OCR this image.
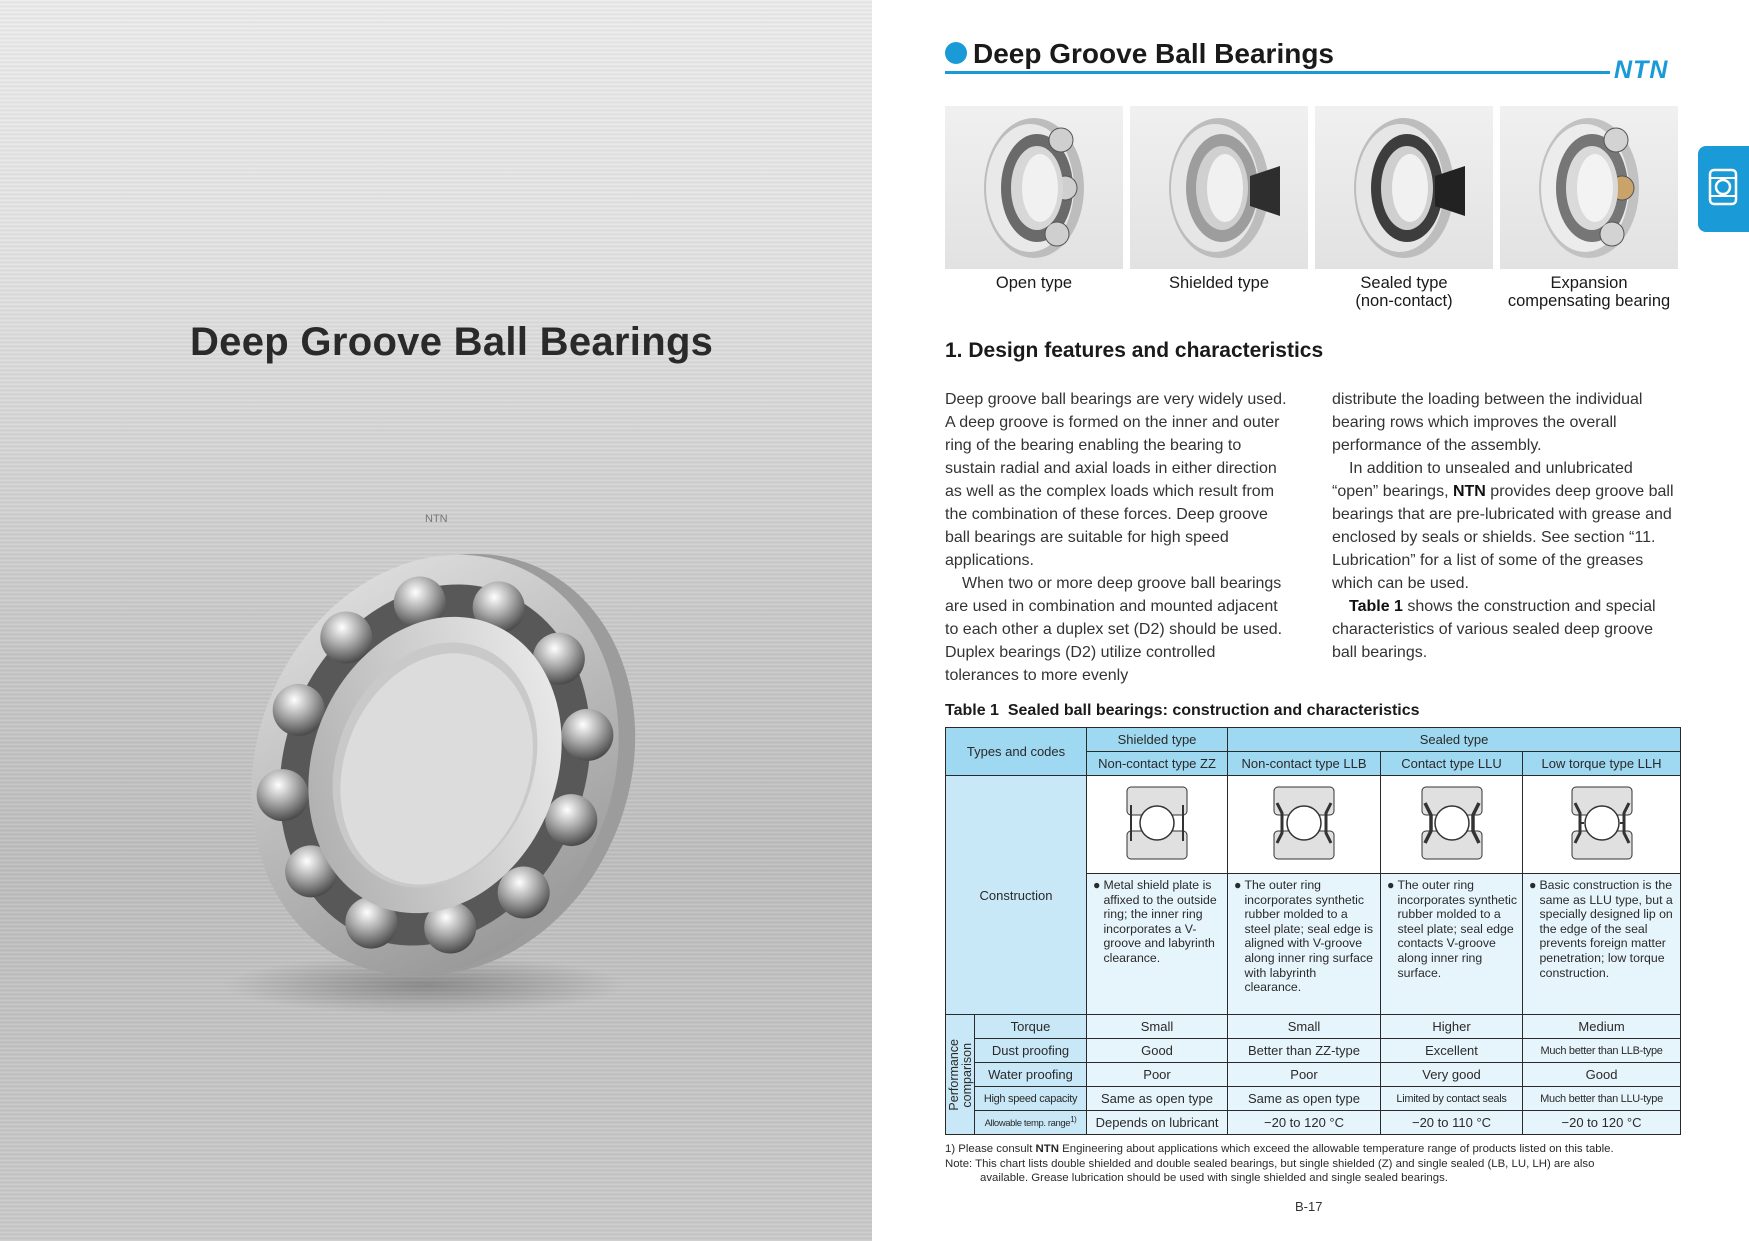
Deep Groove Ball Bearings
NTN
Deep Groove Ball Bearings
NTN
Open type	Shielded type	Sealed type
(non-contact)
Expansion
compensating bearing
1. Design features and characteristics

Deep groove ball bearings are very widely used. A deep groove is formed on the inner and outer ring of the bearing enabling the bearing to sustain radial and axial loads in either direction as well as the complex loads which result from the combination of these forces. Deep groove ball bearings are suitable for high speed applications.

When two or more deep groove ball bearings are used in combination and mounted adjacent to each other a duplex set (D2) should be used. Duplex bearings (D2) utilize controlled tolerances to more evenly

distribute the loading between the individual bearing rows which improves the overall performance of the assembly.

In addition to unsealed and unlubricated “open” bearings, NTN provides deep groove ball bearings that are pre-lubricated with grease and enclosed by seals or shields. See section “11. Lubrication” for a list of some of the greases which can be used.

Table 1 shows the construction and special characteristics of various sealed deep groove ball bearings.

Table 1 Sealed ball bearings: construction and characteristics
Types and codes		Shielded type	Sealed type		
		Non-contact type ZZ	Non-contact type LLB	Contact type LLU	Low torque type LLH
Construction				

		● Metal shield plate is affixed to the outside ring; the inner ring incorporates a V-groove and labyrinth clearance.	● The outer ring incorporates synthetic rubber molded to a steel plate; seal edge is aligned with V-groove along inner ring surface with labyrinth clearance.	● The outer ring incorporates synthetic rubber molded to a steel plate; seal edge contacts V-groove along inner ring surface.	● Basic construction is the same as LLU type, but a specially designed lip on the edge of the seal prevents foreign matter penetration; low torque construction.

Performance
comparison	Torque	Small	Small	Higher	Medium
	Dust proofing	Good	Better than ZZ-type	Excellent	Much better than LLB-type
	Water proofing	Poor	Poor	Very good	Good
	High speed capacity	Same as open type	Same as open type	Limited by contact seals	Much better than LLU-type
	Allowable temp. range$^{1)}$	Depends on lubricant	−20 to 120 °C	−20 to 110 °C	−20 to 120 °C
1) Please consult NTN Engineering about applications which exceed the allowable temperature range of products listed on this table.
Note: This chart lists double shielded and double sealed bearings, but single shielded (Z) and single sealed (LB, LU, LH) are also
available. Grease lubrication should be used with single shielded and single sealed bearings.
B-17
